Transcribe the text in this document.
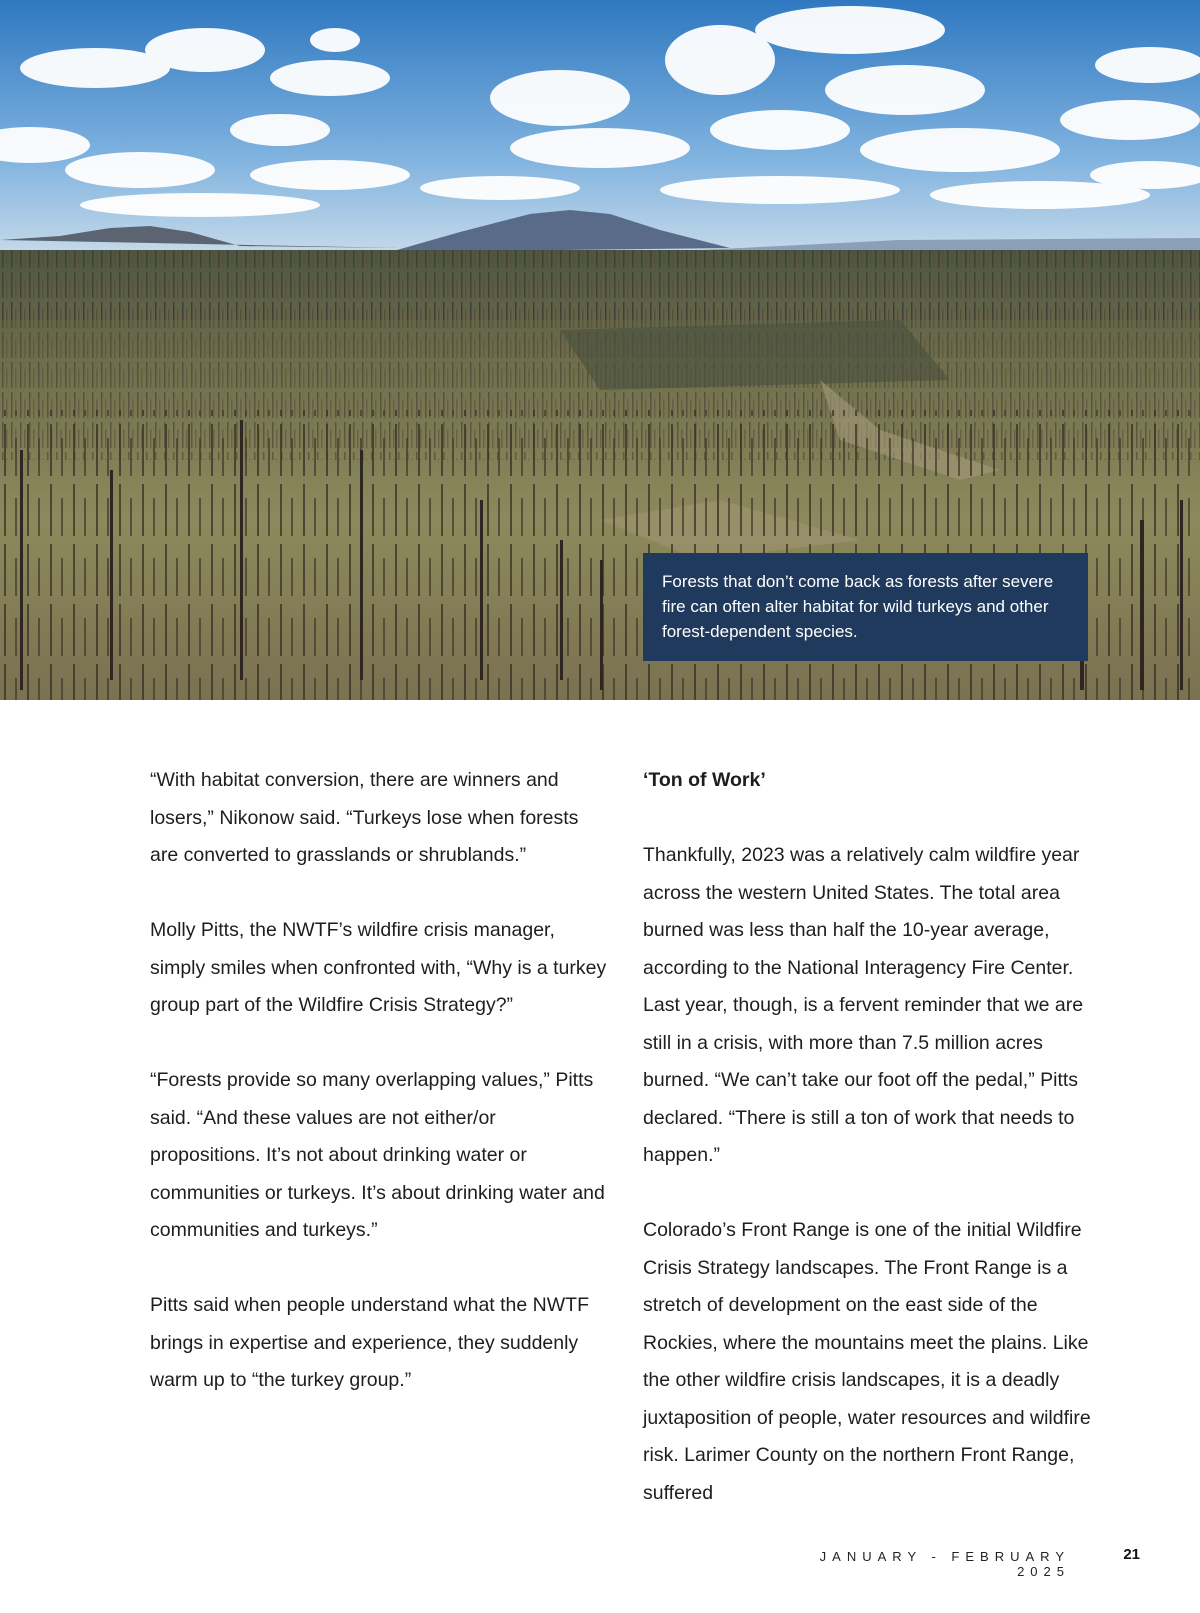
Forests that don’t come back as forests after severe fire can often alter habitat for wild turkeys and other forest-dependent species.

“With habitat conversion, there are winners and losers,” Nikonow said. “Turkeys lose when forests are converted to grasslands or shrublands.”

Molly Pitts, the NWTF’s wildfire crisis manager, simply smiles when confronted with, “Why is a turkey group part of the Wildfire Crisis Strategy?”

“Forests provide so many overlapping values,” Pitts said. “And these values are not either/or propositions. It’s not about drinking water or communities or turkeys. It’s about drinking water and communities and turkeys.”

Pitts said when people understand what the NWTF brings in expertise and experience, they suddenly warm up to “the turkey group.”

‘Ton of Work’

Thankfully, 2023 was a relatively calm wildfire year across the western United States. The total area burned was less than half the 10-year average, according to the National Interagency Fire Center. Last year, though, is a fervent reminder that we are still in a crisis, with more than 7.5 million acres burned. “We can’t take our foot off the pedal,” Pitts declared. “There is still a ton of work that needs to happen.”

Colorado’s Front Range is one of the initial Wildfire Crisis Strategy landscapes. The Front Range is a stretch of development on the east side of the Rockies, where the mountains meet the plains. Like the other wildfire crisis landscapes, it is a deadly juxtaposition of people, water resources and wildfire risk. Larimer County on the northern Front Range, suffered

JANUARY - FEBRUARY 2025
21
